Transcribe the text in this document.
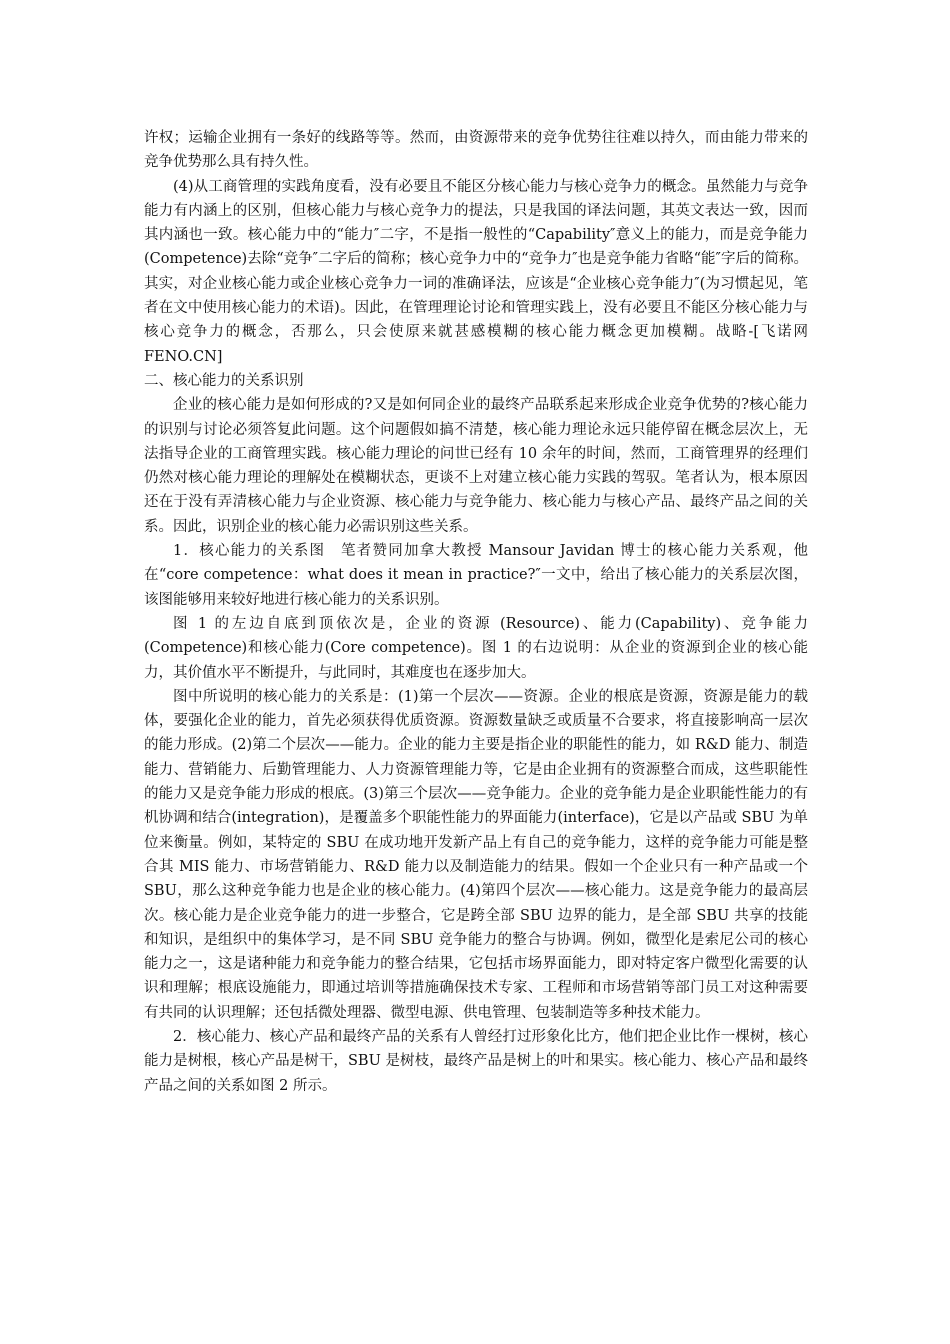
许权；运输企业拥有一条好的线路等等。然而，由资源带来的竞争优势往往难以持久，而由能力带来的竞争优势那么具有持久性。

(4)从工商管理的实践角度看，没有必要且不能区分核心能力与核心竞争力的概念。虽然能力与竞争能力有内涵上的区别，但核心能力与核心竞争力的提法，只是我国的译法问题，其英文表达一致，因而其内涵也一致。核心能力中的“能力″二字，不是指一般性的“Capability″意义上的能力，而是竞争能力(Competence)去除“竞争″二字后的简称；核心竞争力中的“竞争力″也是竞争能力省略“能″字后的简称。其实，对企业核心能力或企业核心竞争力一词的准确译法，应该是“企业核心竞争能力″(为习惯起见，笔者在文中使用核心能力的术语)。因此，在管理理论讨论和管理实践上，没有必要且不能区分核心能力与核心竞争力的概念，否那么，只会使原来就甚感模糊的核心能力概念更加模糊。战略-[飞诺网 FENO.CN]

二、核心能力的关系识别

企业的核心能力是如何形成的?又是如何同企业的最终产品联系起来形成企业竞争优势的?核心能力的识别与讨论必须答复此问题。这个问题假如搞不清楚，核心能力理论永远只能停留在概念层次上，无法指导企业的工商管理实践。核心能力理论的问世已经有 10 余年的时间，然而，工商管理界的经理们仍然对核心能力理论的理解处在模糊状态，更谈不上对建立核心能力实践的驾驭。笔者认为，根本原因还在于没有弄清核心能力与企业资源、核心能力与竞争能力、核心能力与核心产品、最终产品之间的关系。因此，识别企业的核心能力必需识别这些关系。

1．核心能力的关系图　笔者赞同加拿大教授 Mansour Javidan 博士的核心能力关系观，他在“core competence：what does it mean in practice?″一文中，给出了核心能力的关系层次图，该图能够用来较好地进行核心能力的关系识别。

图 1 的左边自底到顶依次是，企业的资源 (Resource)、能力(Capability)、竞争能力(Competence)和核心能力(Core competence)。图 1 的右边说明：从企业的资源到企业的核心能力，其价值水平不断提升，与此同时，其难度也在逐步加大。

图中所说明的核心能力的关系是：(1)第一个层次——资源。企业的根底是资源，资源是能力的载体，要强化企业的能力，首先必须获得优质资源。资源数量缺乏或质量不合要求，将直接影响高一层次的能力形成。(2)第二个层次——能力。企业的能力主要是指企业的职能性的能力，如 R&D 能力、制造能力、营销能力、后勤管理能力、人力资源管理能力等，它是由企业拥有的资源整合而成，这些职能性的能力又是竞争能力形成的根底。(3)第三个层次——竞争能力。企业的竞争能力是企业职能性能力的有机协调和结合(integration)，是覆盖多个职能性能力的界面能力(interface)，它是以产品或 SBU 为单位来衡量。例如，某特定的 SBU 在成功地开发新产品上有自己的竞争能力，这样的竞争能力可能是整合其 MIS 能力、市场营销能力、R&D 能力以及制造能力的结果。假如一个企业只有一种产品或一个 SBU，那么这种竞争能力也是企业的核心能力。(4)第四个层次——核心能力。这是竞争能力的最高层次。核心能力是企业竞争能力的进一步整合，它是跨全部 SBU 边界的能力，是全部 SBU 共享的技能和知识，是组织中的集体学习，是不同 SBU 竞争能力的整合与协调。例如，微型化是索尼公司的核心能力之一，这是诸种能力和竞争能力的整合结果，它包括市场界面能力，即对特定客户微型化需要的认识和理解；根底设施能力，即通过培训等措施确保技术专家、工程师和市场营销等部门员工对这种需要有共同的认识理解；还包括微处理器、微型电源、供电管理、包装制造等多种技术能力。

2．核心能力、核心产品和最终产品的关系有人曾经打过形象化比方，他们把企业比作一棵树，核心能力是树根，核心产品是树干，SBU 是树枝，最终产品是树上的叶和果实。核心能力、核心产品和最终产品之间的关系如图 2 所示。
